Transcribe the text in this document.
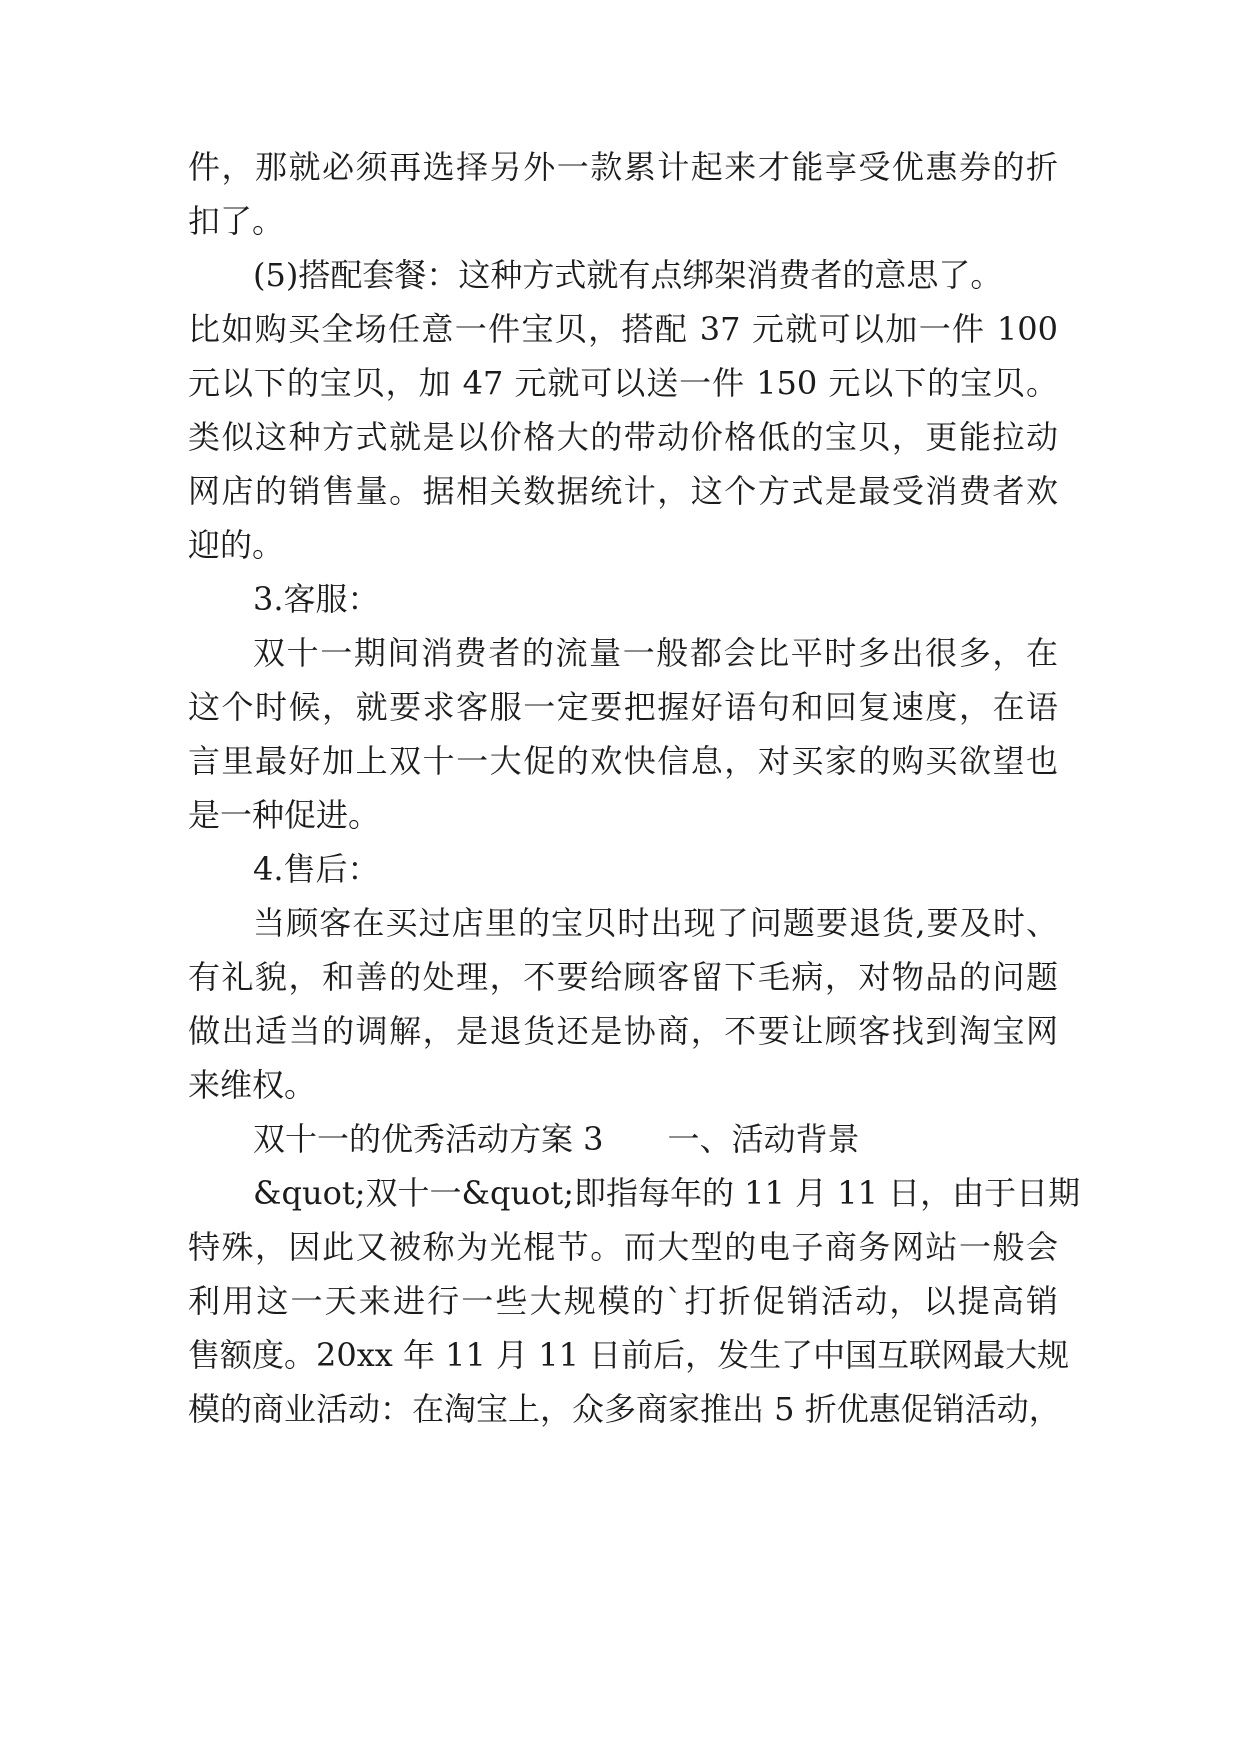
件，那就必须再选择另外一款累计起来才能享受优惠券的折
扣了。
(5)搭配套餐：这种方式就有点绑架消费者的意思了。
比如购买全场任意一件宝贝，搭配 37 元就可以加一件 100
元以下的宝贝，加 47 元就可以送一件 150 元以下的宝贝。
类似这种方式就是以价格大的带动价格低的宝贝，更能拉动
网店的销售量。据相关数据统计，这个方式是最受消费者欢
迎的。
3.客服：
双十一期间消费者的流量一般都会比平时多出很多，在
这个时候，就要求客服一定要把握好语句和回复速度，在语
言里最好加上双十一大促的欢快信息，对买家的购买欲望也
是一种促进。
4.售后：
当顾客在买过店里的宝贝时出现了问题要退货,要及时、
有礼貌，和善的处理，不要给顾客留下毛病，对物品的问题
做出适当的调解，是退货还是协商，不要让顾客找到淘宝网
来维权。
双十一的优秀活动方案 3　　一、活动背景
&quot;双十一&quot;即指每年的 11 月 11 日，由于日期
特殊，因此又被称为光棍节。而大型的电子商务网站一般会
利用这一天来进行一些大规模的`打折促销活动，以提高销
售额度。20xx 年 11 月 11 日前后，发生了中国互联网最大规
模的商业活动：在淘宝上，众多商家推出 5 折优惠促销活动，
